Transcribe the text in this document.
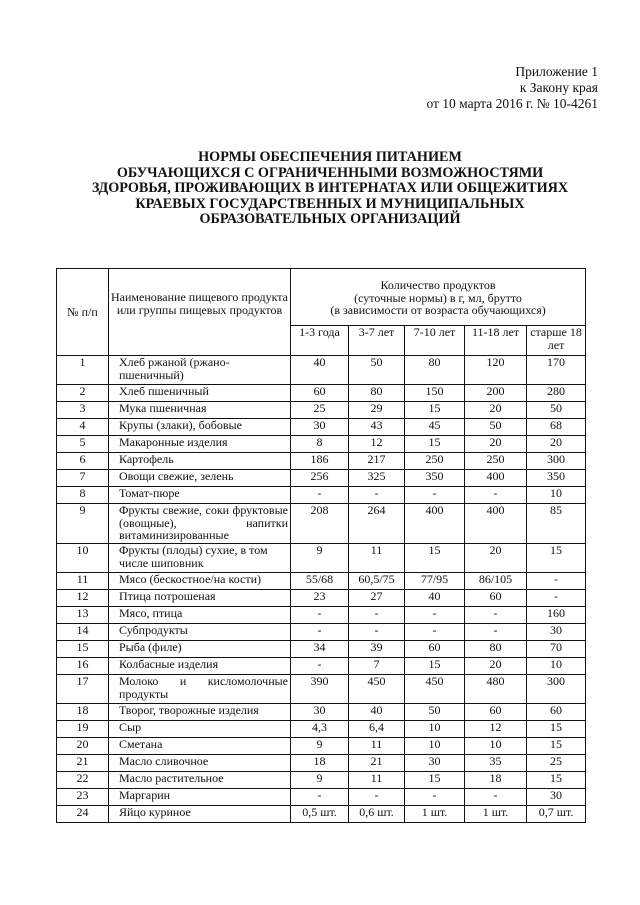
Приложение 1
к Закону края
от 10 марта 2016 г. № 10-4261
НОРМЫ ОБЕСПЕЧЕНИЯ ПИТАНИЕМ
ОБУЧАЮЩИХСЯ С ОГРАНИЧЕННЫМИ ВОЗМОЖНОСТЯМИ
ЗДОРОВЬЯ, ПРОЖИВАЮЩИХ В ИНТЕРНАТАХ ИЛИ ОБЩЕЖИТИЯХ
КРАЕВЫХ ГОСУДАРСТВЕННЫХ И МУНИЦИПАЛЬНЫХ
ОБРАЗОВАТЕЛЬНЫХ ОРГАНИЗАЦИЙ
№ п/п	Наименование пищевого продукта или группы пищевых продуктов	Количество продуктов
(суточные нормы) в г, мл, брутто
(в зависимости от возраста обучающихся)				

		1-3 года	3-7 лет	7-10 лет	11-18 лет	старше 18 лет
1	Хлеб ржаной (ржано-пшеничный)	40	50	80	120	170
2	Хлеб пшеничный	60	80	150	200	280
3	Мука пшеничная	25	29	15	20	50
4	Крупы (злаки), бобовые	30	43	45	50	68
5	Макаронные изделия	8	12	15	20	20
6	Картофель	186	217	250	250	300
7	Овощи свежие, зелень	256	325	350	400	350
8	Томат-пюре	-	-	-	-	10
9	Фрукты свежие, соки фруктовые (овощные), напитки витаминизированные	208	264	400	400	85
10	Фрукты (плоды) сухие, в том числе шиповник	9	11	15	20	15
11	Мясо (бескостное/на кости)	55/68	60,5/75	77/95	86/105	-
12	Птица потрошеная	23	27	40	60	-
13	Мясо, птица	-	-	-	-	160
14	Субпродукты	-	-	-	-	30
15	Рыба (филе)	34	39	60	80	70
16	Колбасные изделия	-	7	15	20	10
17	Молоко и кисломолочные продукты	390	450	450	480	300
18	Творог, творожные изделия	30	40	50	60	60
19	Сыр	4,3	6,4	10	12	15
20	Сметана	9	11	10	10	15
21	Масло сливочное	18	21	30	35	25
22	Масло растительное	9	11	15	18	15
23	Маргарин	-	-	-	-	30
24	Яйцо куриное	0,5 шт.	0,6 шт.	1 шт.	1 шт.	0,7 шт.
